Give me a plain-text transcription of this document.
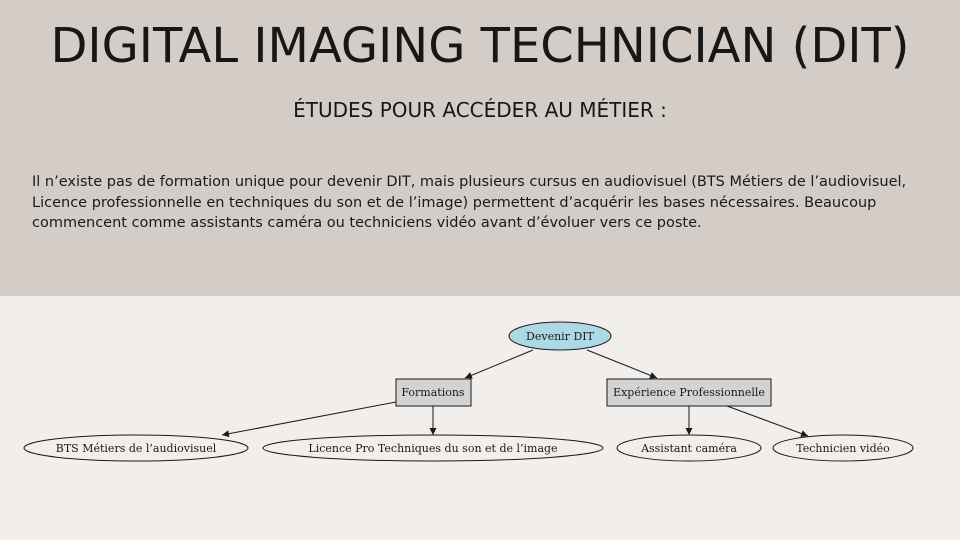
DIGITAL IMAGING TECHNICIAN (DIT)
ÉTUDES POUR ACCÉDER AU MÉTIER :

Il n’existe pas de formation unique pour devenir DIT, mais plusieurs cursus en audiovisuel (BTS Métiers de l’audiovisuel, Licence professionnelle en techniques du son et de l’image) permettent d’acquérir les bases nécessaires. Beaucoup commencent comme assistants caméra ou techniciens vidéo avant d’évoluer vers ce poste.

Devenir DIT
Formations	Expérience Professionnelle
BTS Métiers de l’audiovisuel	Licence Pro Techniques du son et de l’image	Assistant caméra	Technicien vidéo
